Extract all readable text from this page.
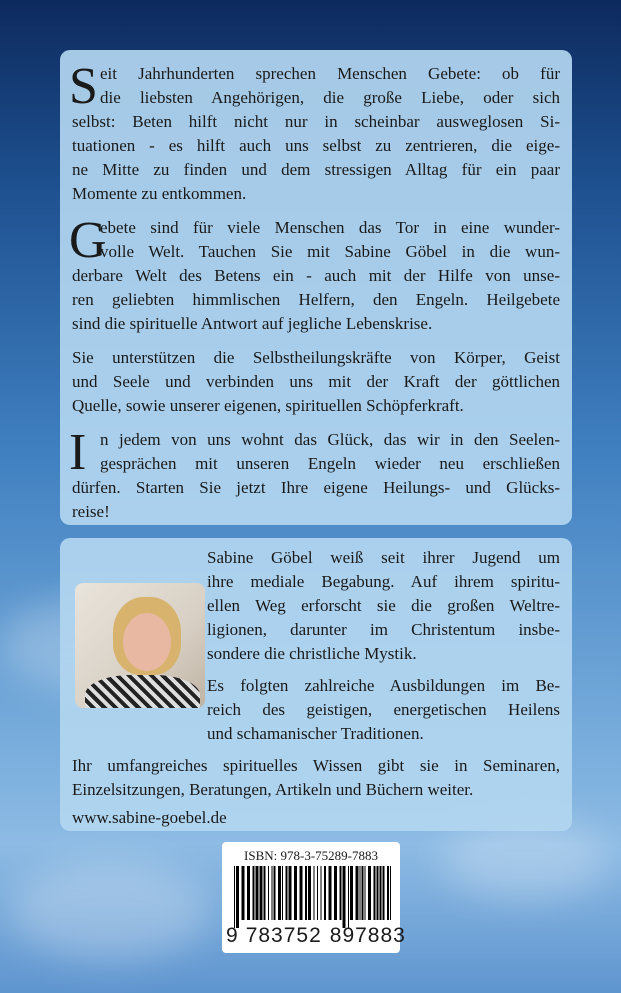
S eit Jahrhunderten sprechen Menschen Gebete: ob für
die liebsten Angehörigen, die große Liebe, oder sich
selbst: Beten hilft nicht nur in scheinbar ausweglosen Si-
tuationen - es hilft auch uns selbst zu zentrieren, die eige-
ne Mitte zu finden und dem stressigen Alltag für ein paar
Momente zu entkommen.
G
ebete sind für viele Menschen das Tor in eine wunder-
volle Welt. Tauchen Sie mit Sabine Göbel in die wun-
derbare Welt des Betens ein - auch mit der Hilfe von unse-
ren geliebten himmlischen Helfern, den Engeln. Heilgebete
sind die spirituelle Antwort auf jegliche Lebenskrise.
Sie unterstützen die Selbstheilungskräfte von Körper, Geist
und Seele und verbinden uns mit der Kraft der göttlichen
Quelle, sowie unserer eigenen, spirituellen Schöpferkraft.
I n jedem von uns wohnt das Glück, das wir in den Seelen-
gesprächen mit unseren Engeln wieder neu erschließen
dürfen. Starten Sie jetzt Ihre eigene Heilungs- und Glücks-
reise!
Sabine Göbel weiß seit ihrer Jugend um
ihre mediale Begabung. Auf ihrem spiritu-
ellen Weg erforscht sie die großen Weltre-
ligionen, darunter im Christentum insbe-
sondere die christliche Mystik.
Es folgten zahlreiche Ausbildungen im Be-
reich des geistigen, energetischen Heilens
und schamanischer Traditionen.
Ihr umfangreiches spirituelles Wissen gibt sie in Seminaren,
Einzelsitzungen, Beratungen, Artikeln und Büchern weiter.
www.sabine-goebel.de
ISBN: 978-3-75289-7883
9 783752 897883
